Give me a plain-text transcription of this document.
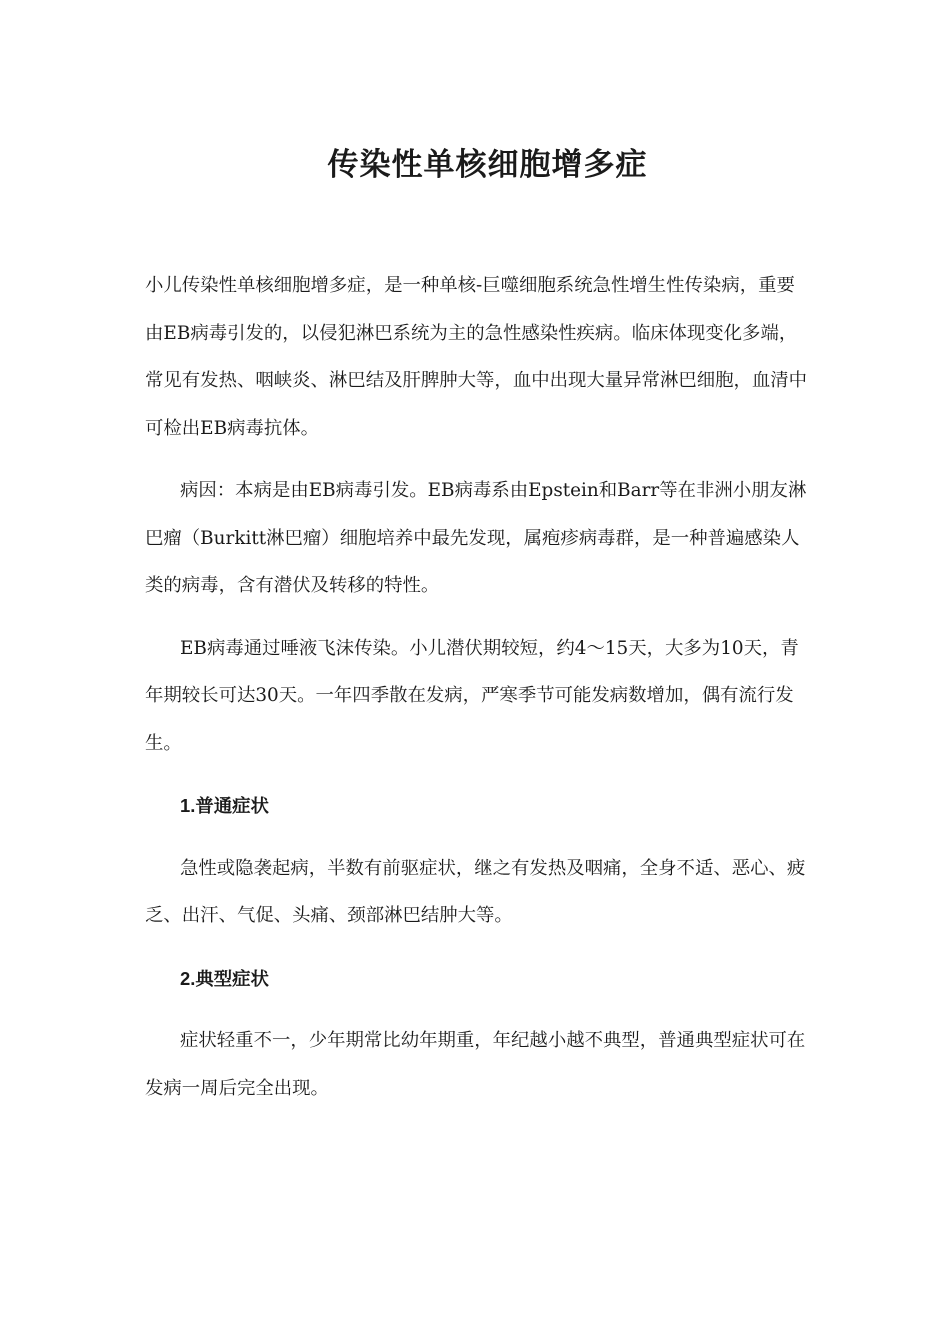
传染性单核细胞增多症

小儿传染性单核细胞增多症，是一种单核-巨噬细胞系统急性增生性传染病，重要由EB病毒引发的，以侵犯淋巴系统为主的急性感染性疾病。临床体现变化多端，常见有发热、咽峡炎、淋巴结及肝脾肿大等，血中出现大量异常淋巴细胞，血清中可检出EB病毒抗体。

病因：本病是由EB病毒引发。EB病毒系由Epstein和Barr等在非洲小朋友淋巴瘤（Burkitt淋巴瘤）细胞培养中最先发现，属疱疹病毒群，是一种普遍感染人类的病毒，含有潜伏及转移的特性。

EB病毒通过唾液飞沫传染。小儿潜伏期较短，约4～15天，大多为10天，青年期较长可达30天。一年四季散在发病，严寒季节可能发病数增加，偶有流行发生。

1.普通症状

急性或隐袭起病，半数有前驱症状，继之有发热及咽痛，全身不适、恶心、疲乏、出汗、气促、头痛、颈部淋巴结肿大等。

2.典型症状

症状轻重不一，少年期常比幼年期重，年纪越小越不典型，普通典型症状可在发病一周后完全出现。
